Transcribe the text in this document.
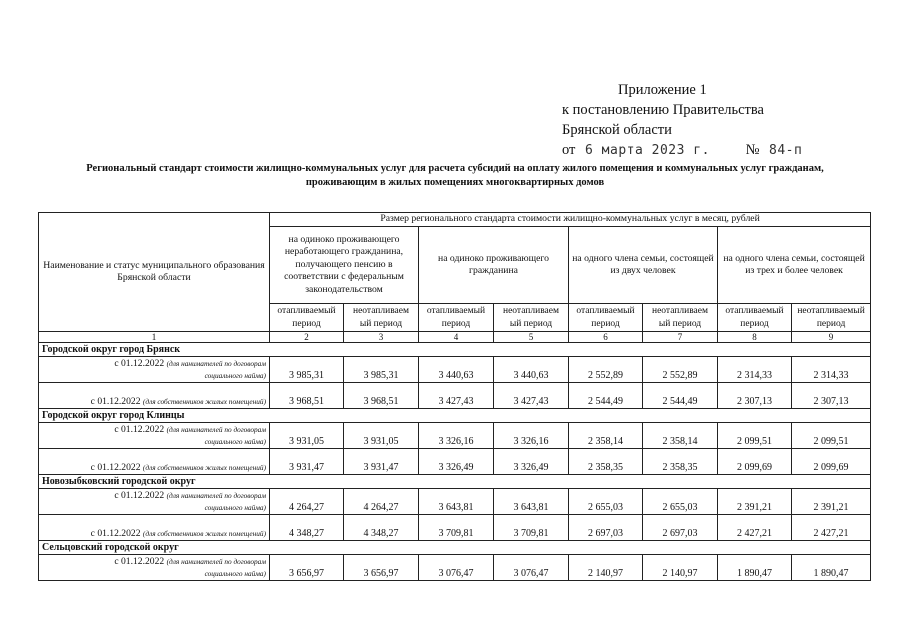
Приложение 1
к постановлению Правительства
Брянской области
от 6 марта 2023 г. № 84-п
Региональный стандарт стоимости жилищно-коммунальных услуг для расчета субсидий на оплату жилого помещения и коммунальных услуг гражданам,
проживающим в жилых помещениях многоквартирных домов
Наименование и статус муниципального образования Брянской области	Размер регионального стандарта стоимости жилищно-коммунальных услуг в месяц, рублей							
	на одиноко проживающего неработающего гражданина, получающего пенсию в соответствии с федеральным законодательством		на одиноко проживающего гражданина		на одного члена семьи, состоящей из двух человек		на одного члена семьи, состоящей из трех и более человек	
	отапливаемый период	неотапливаем ый период	отапливаемый период	неотапливаем ый период	отапливаемый период	неотапливаем ый период	отапливаемый период	неотапливаемый период
1	2	3	4	5	6	7	8	9
Городской округ город Брянск								
с 01.12.2022 (для нанимателей по договорам
социального найма)	3 985,31	3 985,31	3 440,63	3 440,63	2 552,89	2 552,89	2 314,33	2 314,33
с 01.12.2022 (для собственников жилых помещений)	3 968,51	3 968,51	3 427,43	3 427,43	2 544,49	2 544,49	2 307,13	2 307,13
Городской округ город Клинцы								
с 01.12.2022 (для нанимателей по договорам
социального найма)	3 931,05	3 931,05	3 326,16	3 326,16	2 358,14	2 358,14	2 099,51	2 099,51
с 01.12.2022 (для собственников жилых помещений)	3 931,47	3 931,47	3 326,49	3 326,49	2 358,35	2 358,35	2 099,69	2 099,69
Новозыбковский городской округ								
с 01.12.2022 (для нанимателей по договорам
социального найма)	4 264,27	4 264,27	3 643,81	3 643,81	2 655,03	2 655,03	2 391,21	2 391,21
с 01.12.2022 (для собственников жилых помещений)	4 348,27	4 348,27	3 709,81	3 709,81	2 697,03	2 697,03	2 427,21	2 427,21
Сельцовский городской округ								
с 01.12.2022 (для нанимателей по договорам
социального найма)	3 656,97	3 656,97	3 076,47	3 076,47	2 140,97	2 140,97	1 890,47	1 890,47
